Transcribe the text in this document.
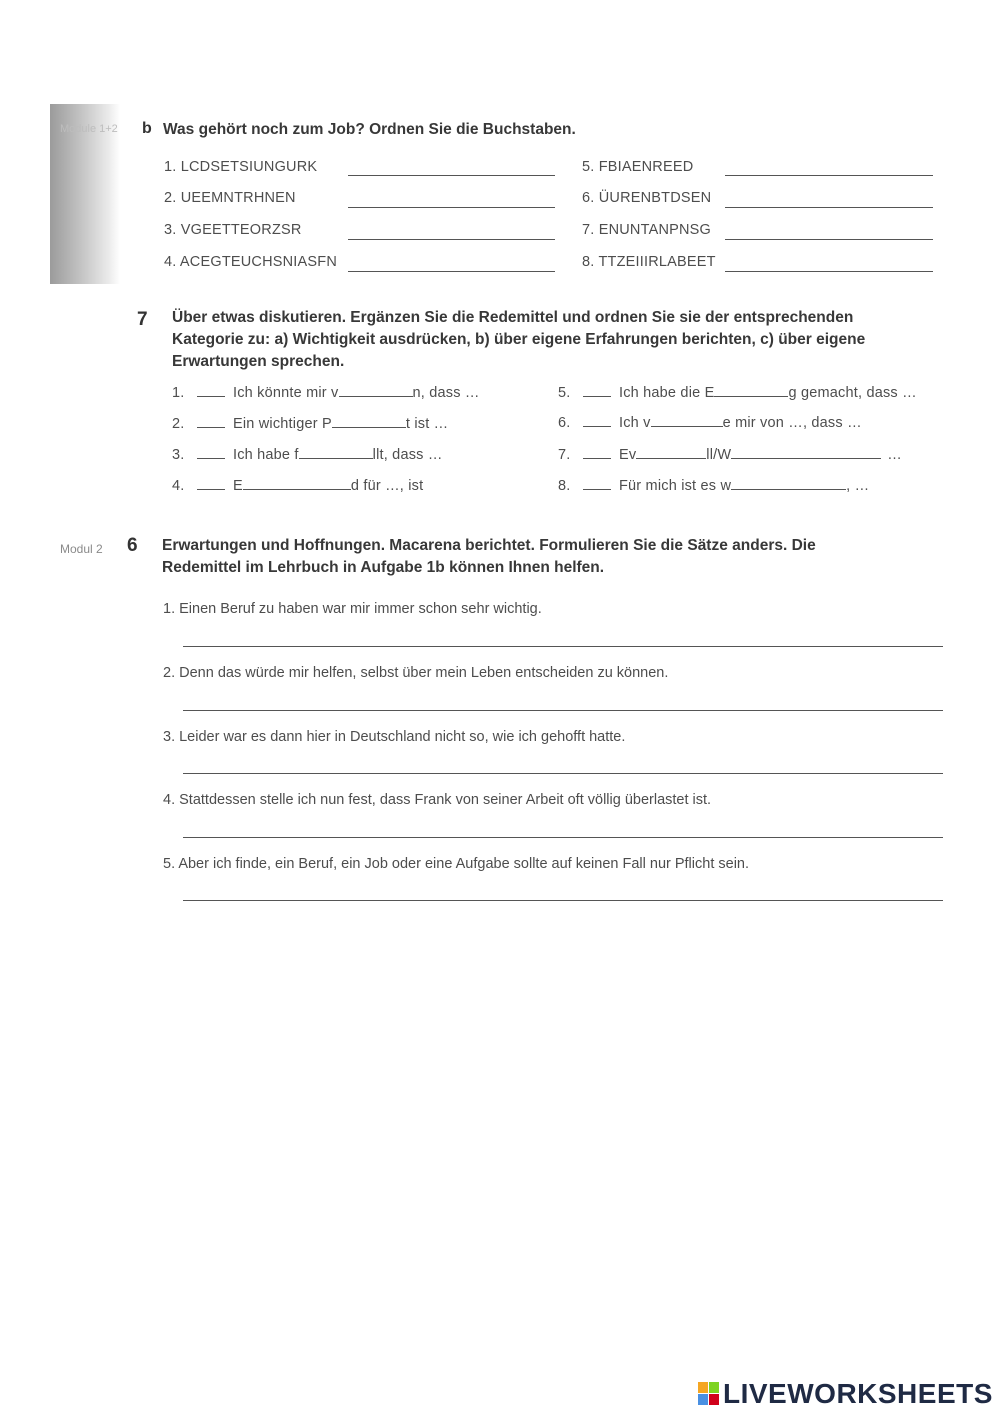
Module 1+2 b Was gehört noch zum Job? Ordnen Sie die Buchstaben.
1. LCDSETSIUNGURK
2. UEEMNTRHNEN
3. VGEETTEORZSR
4. ACEGTEUCHSNIASFN
5. FBIAENREED
6. ÜURENBTDSEN
7. ENUNTANPNSG
8. TTZEIIIRLABEET
7 Über etwas diskutieren. Ergänzen Sie die Redemittel und ordnen Sie sie der entsprechenden
Kategorie zu: a) Wichtigkeit ausdrücken, b) über eigene Erfahrungen berichten, c) über eigene
Erwartungen sprechen.
1.	Ich könnte mir v	n, dass …
2.	Ein wichtiger P	t ist …
3.	Ich habe f	llt, dass …
4.	E	d für …, ist
5.	Ich habe die E	g gemacht, dass …
6.	Ich v	e mir von …, dass …
7.	Ev	ll/W	…
8.	Für mich ist es w	, …
Modul 2 6 Erwartungen und Hoffnungen. Macarena berichtet. Formulieren Sie die Sätze anders. Die
Redemittel im Lehrbuch in Aufgabe 1b können Ihnen helfen.
1. Einen Beruf zu haben war mir immer schon sehr wichtig.
2. Denn das würde mir helfen, selbst über mein Leben entscheiden zu können.
3. Leider war es dann hier in Deutschland nicht so, wie ich gehofft hatte.
4. Stattdessen stelle ich nun fest, dass Frank von seiner Arbeit oft völlig überlastet ist.
5. Aber ich finde, ein Beruf, ein Job oder eine Aufgabe sollte auf keinen Fall nur Pflicht sein.
LIVEWORKSHEETS
